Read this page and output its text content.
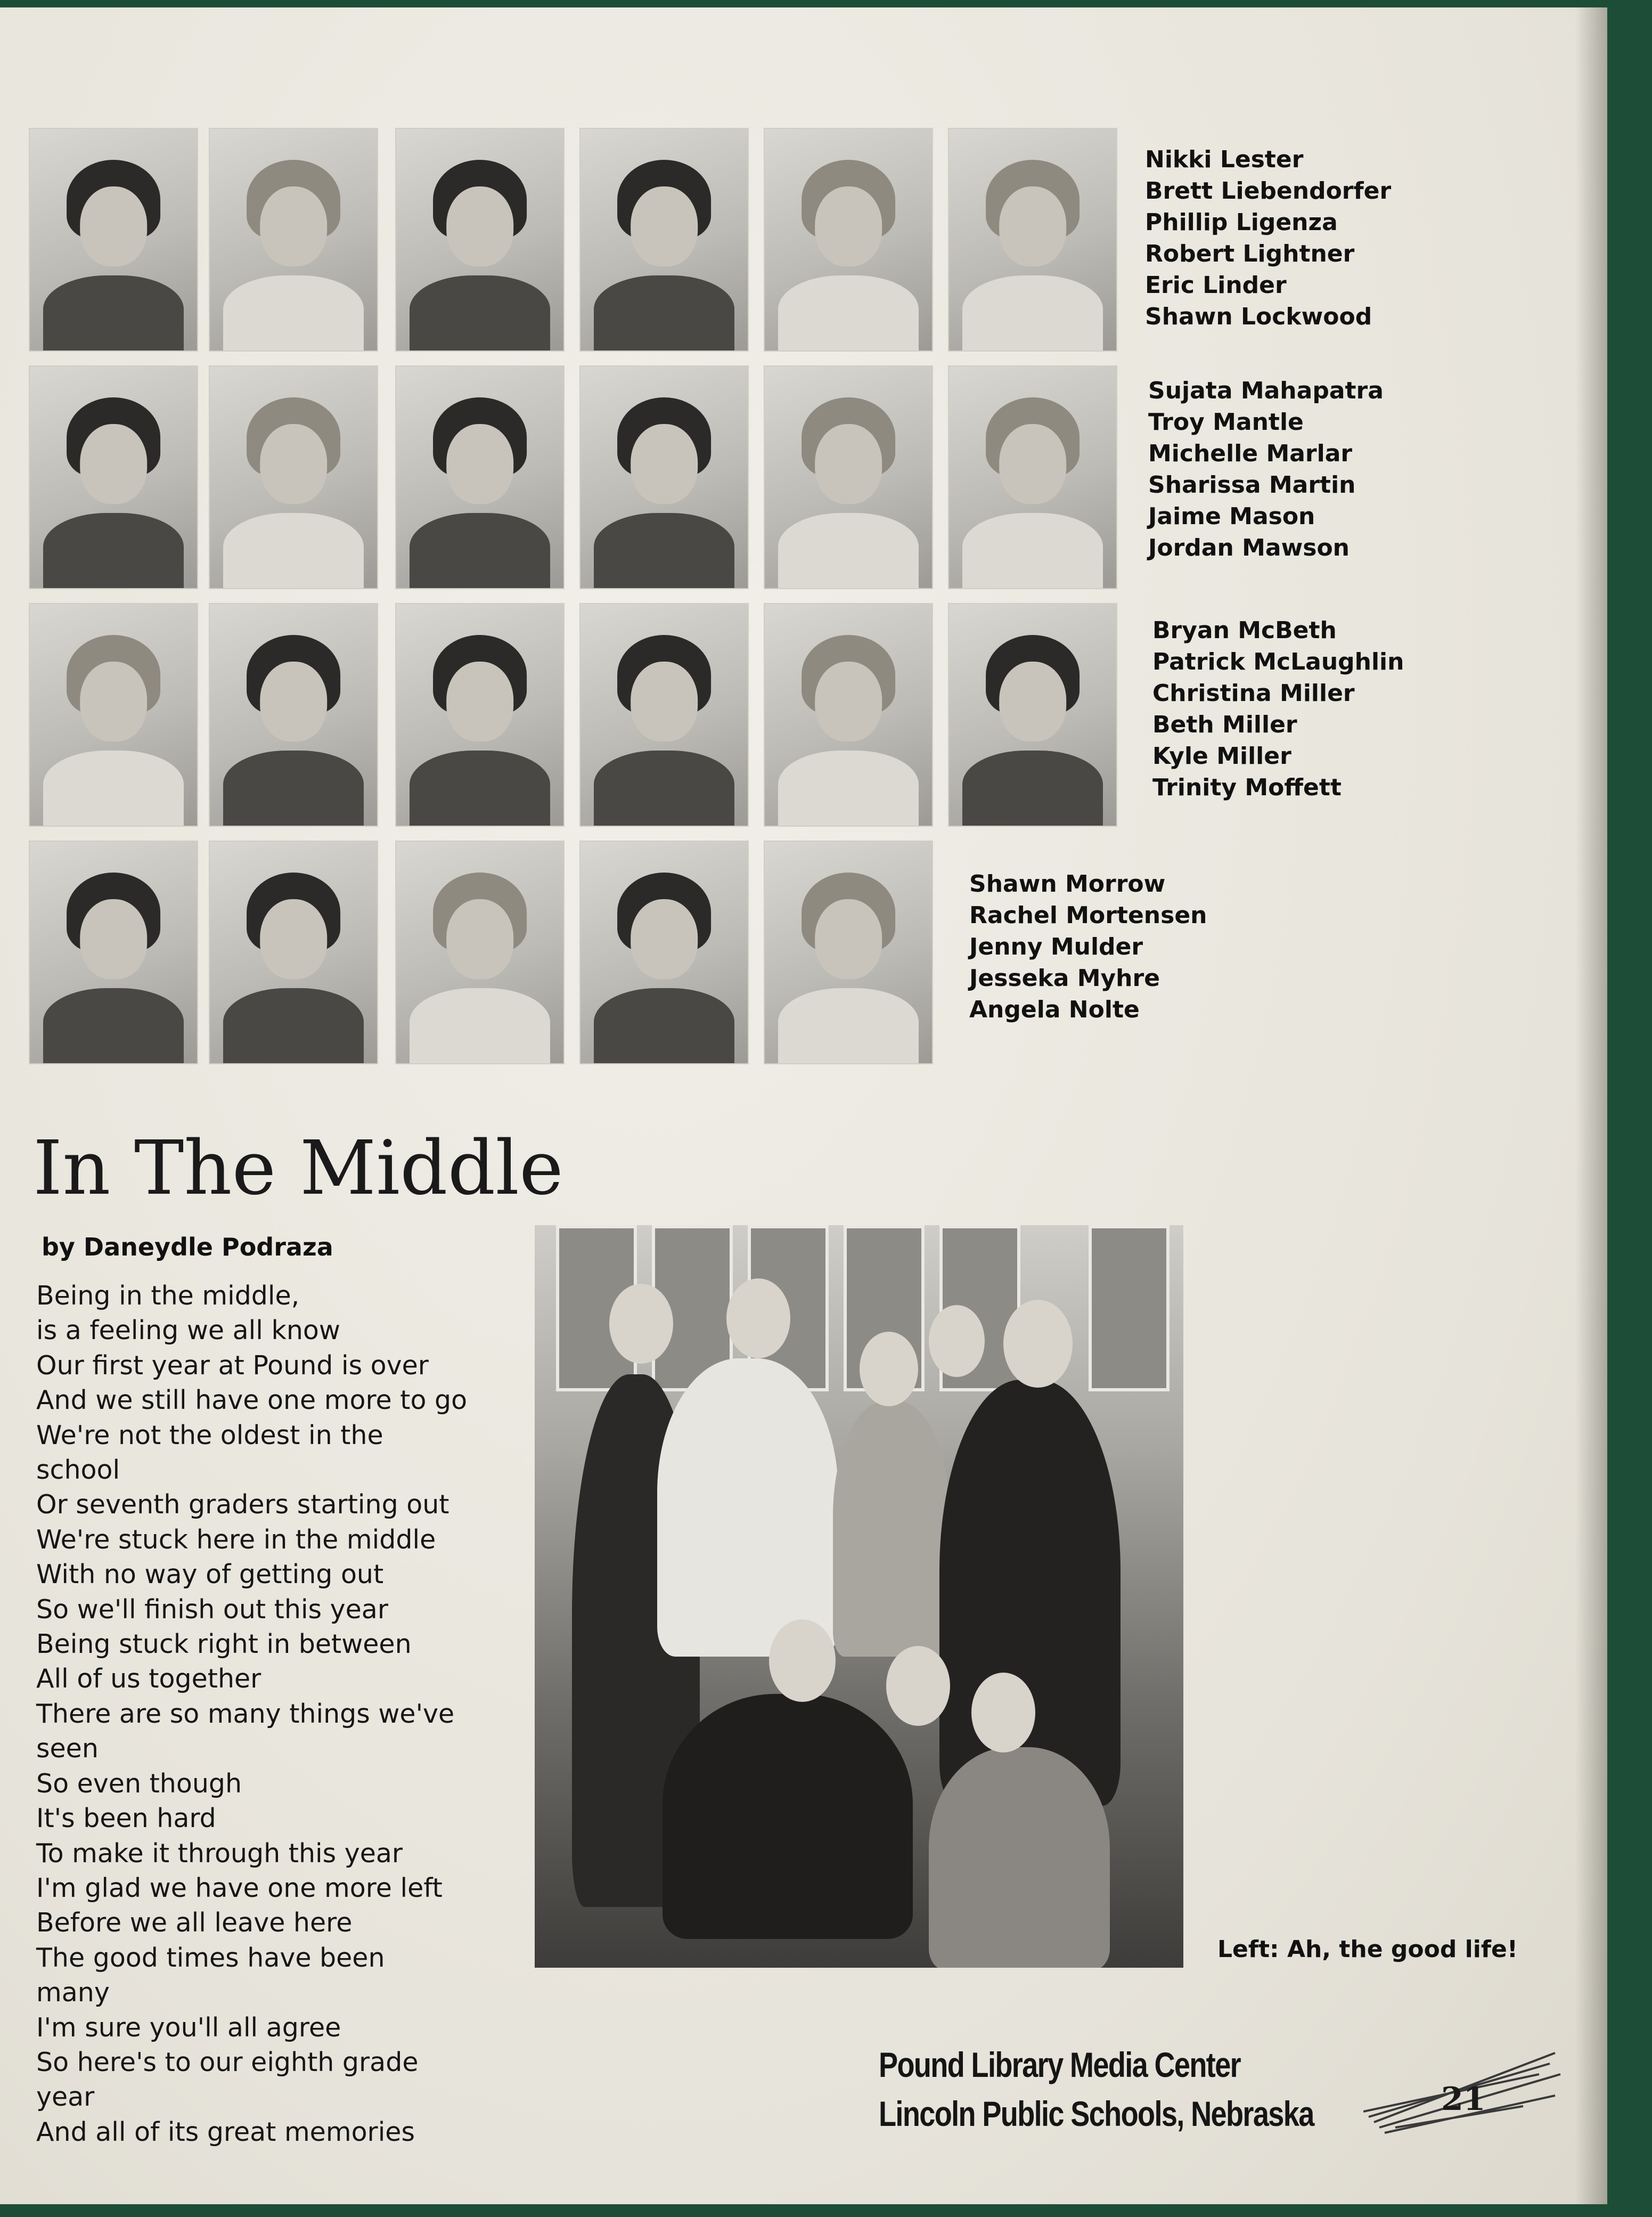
Nikki Lester
Brett Liebendorfer
Phillip Ligenza
Robert Lightner
Eric Linder
Shawn Lockwood
Sujata Mahapatra
Troy Mantle
Michelle Marlar
Sharissa Martin
Jaime Mason
Jordan Mawson
Bryan McBeth
Patrick McLaughlin
Christina Miller
Beth Miller
Kyle Miller
Trinity Moffett
Shawn Morrow
Rachel Mortensen
Jenny Mulder
Jesseka Myhre
Angela Nolte
In The Middle

by Daneydle Podraza

Being in the middle,
is a feeling we all know
Our first year at Pound is over
And we still have one more to go
We're not the oldest in the
school
Or seventh graders starting out
We're stuck here in the middle
With no way of getting out
So we'll finish out this year
Being stuck right in between
All of us together
There are so many things we've
seen
So even though
It's been hard
To make it through this year
I'm glad we have one more left
Before we all leave here
The good times have been
many
I'm sure you'll all agree
So here's to our eighth grade
year
And all of its great memories

Left: Ah, the good life!

Pound Library Media Center
Lincoln Public Schools, Nebraska	21
